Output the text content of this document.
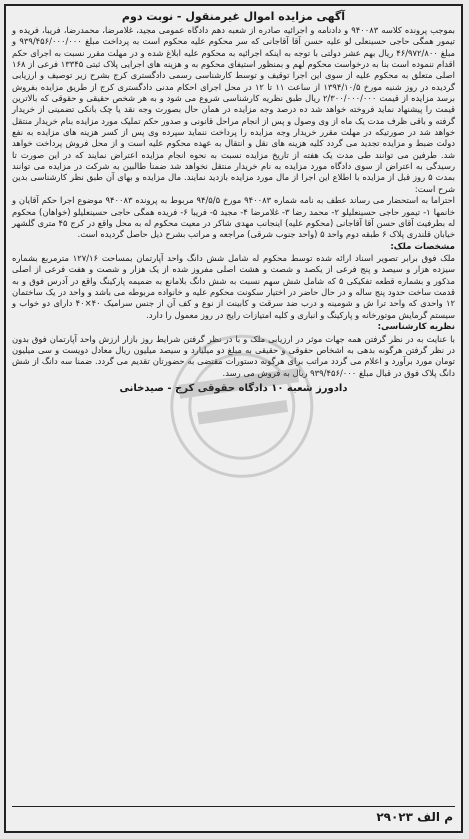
آگهی مزایده اموال غیرمنقول - نوبت دوم

بموجب پرونده کلاسه ۹۴۰۰۸۳ و دادنامه و اجرائیه صادره از شعبه دهم دادگاه عمومی مجید، غلامرضا، محمدرضا، فریبا، فریده و تیمور همگی حاجی حسینعلی لو علیه حسن آقا آقاجانی که سر محکوم علیه محکوم است به پرداخت مبلغ ۹۳۹/۴۵۶/۰۰۰/۰۰۰ و مبلغ ۴۶/۹۷۲/۸۰۰ ریال بهم عشر دولتی با توجه به اینکه اجرائیه به محکوم علیه ابلاغ شده و در مهلت مقرر نسبت به اجرای حکم اقدام ننموده است بنا به درخواست محکوم لهم و بمنظور استیفای محکوم به و هزینه های اجرایی پلاک ثبتی ۱۳۳۴۵ فرعی از ۱۶۸ اصلی متعلق به محکوم علیه از سوی این اجرا توقیف و توسط کارشناسی رسمی دادگستری کرج بشرح زیر توصیف و ارزیابی گردیده در روز شنبه مورخ ۱۳۹۴/۱۰/۵ از ساعت ۱۱ تا ۱۲ در محل اجرای احکام مدنی دادگستری کرج از طریق مزایده بفروش برسد مزایده از قیمت ۲/۳۰۰/۰۰۰/۰۰۰ ریال طبق نظریه کارشناسی شروع می شود و به هر شخص حقیقی و حقوقی که بالاترین قیمت را پیشنهاد نماید فروخته خواهد شد ده درصد وجه مزایده در همان حال بصورت وجه نقد یا چک بانکی تضمینی از خریدار گرفته و باقی ظرف مدت یک ماه از وی وصول و پس از انجام مراحل قانونی و صدور حکم تملیک مورد مزایده بنام خریدار منتقل خواهد شد در صورتیکه در مهلت مقرر خریدار وجه مزایده را پرداخت ننماید سپرده وی پس از کسر هزینه های مزایده به نفع دولت ضبط و مزایده تجدید می گردد کلیه هزینه های نقل و انتقال به عهده محکوم علیه است و از محل فروش پرداخت خواهد شد. طرفین می توانند طی مدت یک هفته از تاریخ مزایده نسبت به نحوه انجام مزایده اعتراض نمایند که در این صورت تا رسیدگی به اعتراض از سوی دادگاه مورد مزایده به نام خریدار منتقل نخواهد شد ضمنا طالبین به شرکت در مزایده می توانند بمدت ۵ روز قبل از مزایده با اطلاع این اجرا از مال مورد مزایده بازدید نمایند. مال مزایده و بهای آن طبق نظر کارشناسی بدین شرح است:

احتراما به استحضار می رساند عطف به نامه شماره ۹۴۰۰۸۳ مورخ ۹۴/۵/۵ مربوط به پرونده ۹۴۰۰۸۳ موضوع اجرا حکم آقایان و خانمها ۱- تیمور حاجی حسینعلیلو ۲- محمد رضا ۳- غلامرضا ۴- مجید ۵- فریبا ۶- فریده همگی حاجی حسینعلیلو (خواهان) محکوم له بطرفیت آقای حسن آقا آقاجانی (محکوم علیه) اینجانب مهدی شاکر در معیت محکوم له به محل واقع در کرج ۴۵ متری گلشهر خیابان قلندری پلاک ۶ طبقه دوم واحد ۵ (واحد جنوب شرقی) مراجعه و مراتب بشرح ذیل حاصل گردیده است.

مشخصات ملک:

ملک فوق برابر تصویر اسناد ارائه شده توسط محکوم له شامل شش دانگ واحد آپارتمان بمساحت ۱۲۷/۱۶ مترمربع بشماره سیزده هزار و سیصد و پنج فرعی از یکصد و شصت و هشت اصلی مفروز شده از یک هزار و شصت و هفت فرعی از اصلی مذکور و بشماره قطعه تفکیکی ۵ که شامل شش سهم نسبت به شش دانگ بلامانع به ضمیمه پارکینگ واقع در آدرس فوق و به قدمت ساخت حدود پنج ساله و در حال حاضر در اختیار سکونت محکوم علیه و خانواده مربوطه می باشد و واحد در یک ساختمان ۱۲ واحدی که واحد ترا ش و شومینه و درب ضد سرقت و کابینت از نوع و کف آن از جنس سرامیک ۴۰×۴۰ دارای دو خواب و سیستم گرمایش موتورخانه و پارکینگ و انباری و کلیه امتیازات رایج در روز معمول را دارد.

نظریه کارشناسی:

با عنایت به در نظر گرفتن همه جهات موثر در ارزیابی ملک و با در نظر گرفتن شرایط روز بازار ارزش واحد آپارتمان فوق بدون در نظر گرفتن هرگونه بدهی به اشخاص حقوقی و حقیقی به مبلغ دو میلیارد و سیصد میلیون ریال معادل دویست و سی میلیون تومان مورد برآورد و اعلام می گردد مراتب برای هرگونه دستورات مقتضی به حضورتان تقدیم می گردد. ضمنا سه دانگ از شش دانگ پلاک فوق در قبال مبلغ ۹۳۹/۴۵۶/۰۰۰ ریال به فروش می رسد.

دادورز شعبه ۱۰ دادگاه حقوقی کرج - صیدخانی
م الف ۲۹۰۲۳
